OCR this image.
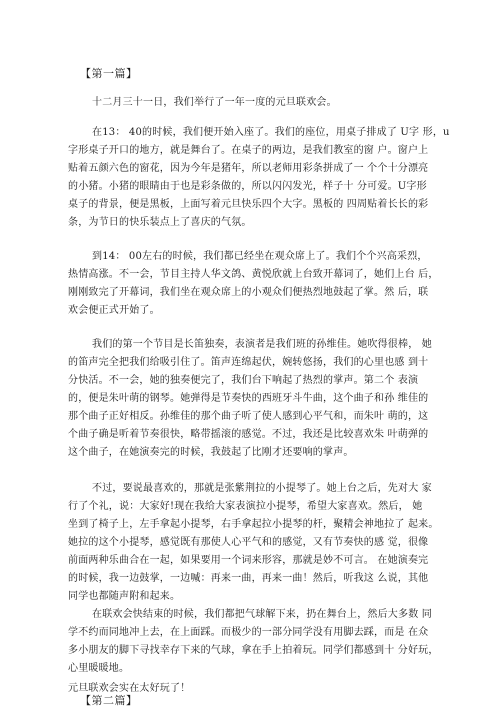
【第一篇】
十二月三十一日，我们举行了一年一度的元旦联欢会。
在13： 40的时候，我们便开始入座了。我们的座位，用桌子排成了 U字 形，u
字形桌子开口的地方，就是舞台了。在桌子的两边，是我们教室的窗 户。窗户上
贴着五颜六色的窗花，因为今年是猪年，所以老师用彩条拼成了一 个个十分漂亮
的小猪。小猪的眼睛由于也是彩条做的，所以闪闪发光，样子十 分可爱。U字形
桌子的背景，便是黑板，上面写着元旦快乐四个大字。黑板的 四周贴着长长的彩
条，为节日的快乐装点上了喜庆的气氛。
到14： 00左右的时候，我们都已经坐在观众席上了。我们个个兴高采烈，
热情高涨。不一会，节目主持人华文鸽、黄悦欣就上台致开幕词了，她们上台 后，
刚刚致完了开幕词，我们坐在观众席上的小观众们便热烈地鼓起了掌。然 后，联
欢会便正式开始了。
我们的第一个节目是长笛独奏，表演者是我们班的孙维佳。她吹得很棒， 她
的笛声完全把我们给吸引住了。笛声连绵起伏，婉转悠扬，我们的心里也感 到十
分快活。不一会，她的独奏便完了，我们台下响起了热烈的掌声。第二个 表演
的，便是朱叶萌的钢琴。她弹得是节奏快的西班牙斗牛曲，这个曲子和孙 维佳的
那个曲子正好相反。孙维佳的那个曲子听了使人感到心平气和，而朱叶 萌的，这
个曲子确是听着节奏很快，略带摇滚的感觉。不过，我还是比较喜欢朱 叶萌弹的
这个曲子，在她演奏完的时候，我鼓起了比刚才还要响的掌声。
不过，要说最喜欢的，那就是张紫荆拉的小提琴了。她上台之后，先对大 家
行了个礼，说：大家好!现在我给大家表演拉小提琴，希望大家喜欢。然后， 她
坐到了椅子上，左手拿起小提琴，右手拿起拉小提琴的杆，聚精会神地拉了 起来。
她拉的这个小提琴，感觉既有那使人心平气和的感觉，又有节奏快的感 觉，很像
前面两种乐曲合在一起，如果要用一个词来形容，那就是妙不可言。 在她演奏完
的时候，我一边鼓掌，一边喊：再来一曲，再来一曲！然后，听我这 么说，其他
同学也都随声附和起来。
在联欢会快结束的时候，我们都把气球解下来，扔在舞台上，然后大多数 同
学不约而同地冲上去，在上面踩。而极少的一部分同学没有用脚去踩，而是 在众
多小朋友的脚下寻找幸存下来的气球，拿在手上拍着玩。同学们都感到十 分好玩，
心里暖暖地。
元旦联欢会实在太好玩了！
【第二篇】
